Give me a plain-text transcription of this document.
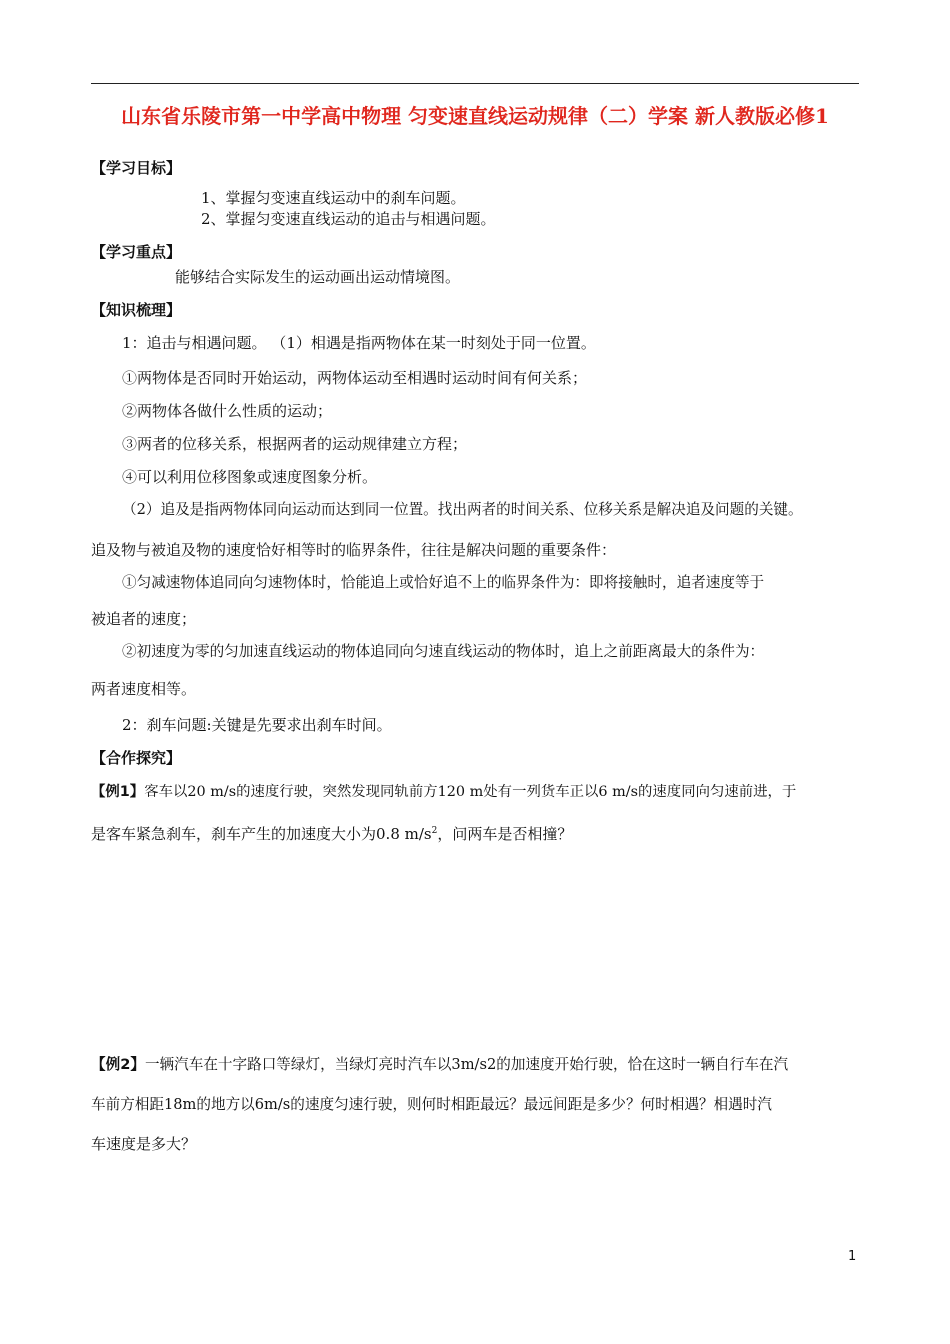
山东省乐陵市第一中学高中物理 匀变速直线运动规律（二）学案 新人教版必修1
【学习目标】
1、掌握匀变速直线运动中的刹车问题。
2、掌握匀变速直线运动的追击与相遇问题。
【学习重点】
能够结合实际发生的运动画出运动情境图。
【知识梳理】
1：追击与相遇问题。 （1）相遇是指两物体在某一时刻处于同一位置。
①两物体是否同时开始运动，两物体运动至相遇时运动时间有何关系；
②两物体各做什么性质的运动；
③两者的位移关系，根据两者的运动规律建立方程；
④可以利用位移图象或速度图象分析。
（2）追及是指两物体同向运动而达到同一位置。找出两者的时间关系、位移关系是解决追及问题的关键。
追及物与被追及物的速度恰好相等时的临界条件，往往是解决问题的重要条件：
①匀减速物体追同向匀速物体时，恰能追上或恰好追不上的临界条件为：即将接触时，追者速度等于
被追者的速度；
②初速度为零的匀加速直线运动的物体追同向匀速直线运动的物体时，追上之前距离最大的条件为：
两者速度相等。
2：刹车问题:关键是先要求出刹车时间。
【合作探究】
【例1】客车以20 m/s的速度行驶，突然发现同轨前方120 m处有一列货车正以6 m/s的速度同向匀速前进，于
是客车紧急刹车，刹车产生的加速度大小为0.8 $m/s^2$，问两车是否相撞？
【例2】一辆汽车在十字路口等绿灯，当绿灯亮时汽车以3m/s2的加速度开始行驶，恰在这时一辆自行车在汽
车前方相距18m的地方以6m/s的速度匀速行驶，则何时相距最远？最远间距是多少？何时相遇？相遇时汽
车速度是多大？
1
